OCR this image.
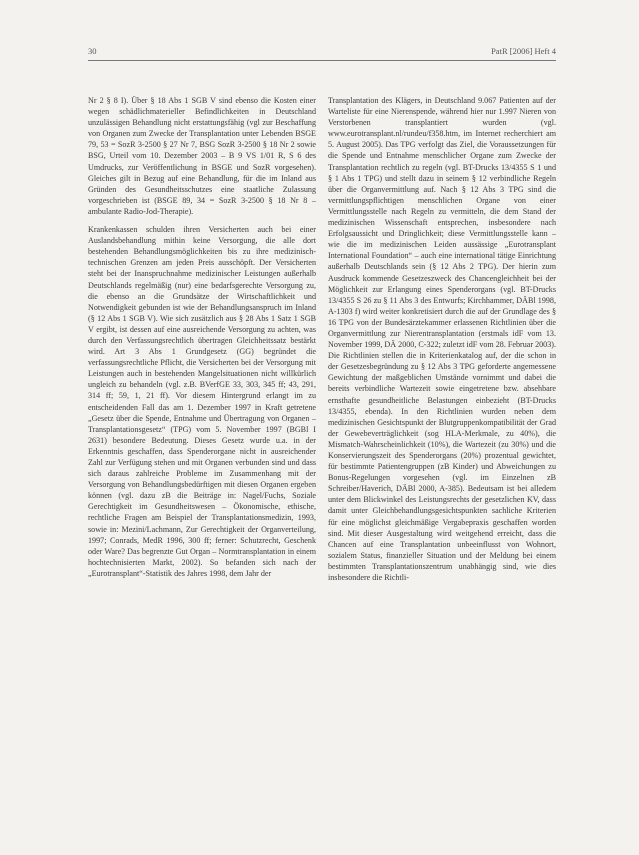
30	PatR [2006] Heft 4

Nr 2 § 8 I). Über § 18 Abs 1 SGB V sind ebenso die Kosten einer wegen schädlichmaterieller Befindlichkeiten in Deutschland unzulässigen Behandlung nicht erstattungsfähig (vgl zur Beschaffung von Organen zum Zwecke der Transplantation unter Lebenden BSGE 79, 53 = SozR 3-2500 § 27 Nr 7, BSG SozR 3-2500 § 18 Nr 2 sowie BSG, Urteil vom 10. Dezember 2003 – B 9 VS 1/01 R, S 6 des Umdrucks, zur Veröffentlichung in BSGE und SozR vorgesehen). Gleiches gilt in Bezug auf eine Behandlung, für die im Inland aus Gründen des Gesundheitsschutzes eine staatliche Zulassung vorgeschrieben ist (BSGE 89, 34 = SozR 3-2500 § 18 Nr 8 – ambulante Radio-Jod-Therapie).

Krankenkassen schulden ihren Versicherten auch bei einer Auslandsbehandlung mithin keine Versorgung, die alle dort bestehenden Behandlungsmöglichkeiten bis zu ihre medizinisch-technischen Grenzen am jeden Preis ausschöpft. Der Versicherten steht bei der Inanspruchnahme medizinischer Leistungen außerhalb Deutschlands regelmäßig (nur) eine bedarfsgerechte Versorgung zu, die ebenso an die Grundsätze der Wirtschaftlichkeit und Notwendigkeit gebunden ist wie der Behandlungsanspruch im Inland (§ 12 Abs 1 SGB V). Wie sich zusätzlich aus § 28 Abs 1 Satz 1 SGB V ergibt, ist dessen auf eine ausreichende Versorgung zu achten, was durch den Verfassungsrechtlich übertragen Gleichheitssatz bestärkt wird. Art 3 Abs 1 Grundgesetz (GG) begründet die verfassungsrechtliche Pflicht, die Versicherten bei der Versorgung mit Leistungen auch in bestehenden Mangelsituationen nicht willkürlich ungleich zu behandeln (vgl. z.B. BVerfGE 33, 303, 345 ff; 43, 291, 314 ff; 59, 1, 21 ff). Vor diesem Hintergrund erlangt im zu entscheidenden Fall das am 1. Dezember 1997 in Kraft getretene „Gesetz über die Spende, Entnahme und Übertragung von Organen – Transplantationsgesetz“ (TPG) vom 5. November 1997 (BGBl I 2631) besondere Bedeutung. Dieses Gesetz wurde u.a. in der Erkenntnis geschaffen, dass Spenderorgane nicht in ausreichender Zahl zur Verfügung stehen und mit Organen verbunden sind und dass sich daraus zahlreiche Probleme im Zusammenhang mit der Versorgung von Behandlungsbedürftigen mit diesen Organen ergeben können (vgl. dazu zB die Beiträge in: Nagel/Fuchs, Soziale Gerechtigkeit im Gesundheitswesen – Ökonomische, ethische, rechtliche Fragen am Beispiel der Transplantationsmedizin, 1993, sowie in: Mezini/Lachmann, Zur Gerechtigkeit der Organverteilung, 1997; Conrads, MedR 1996, 300 ff; ferner: Schutzrecht, Geschenk oder Ware? Das begrenzte Gut Organ – Normtransplantation in einem hochtechnisierten Markt, 2002). So befanden sich nach der „Eurotransplant“-Statistik des Jahres 1998, dem Jahr der

Transplantation des Klägers, in Deutschland 9.067 Patienten auf der Warteliste für eine Nierenspende, während hier nur 1.997 Nieren von Verstorbenen transplantiert wurden (vgl. www.eurotransplant.nl/rundeu/f358.htm, im Internet recherchiert am 5. August 2005). Das TPG verfolgt das Ziel, die Voraussetzungen für die Spende und Entnahme menschlicher Organe zum Zwecke der Transplantation rechtlich zu regeln (vgl. BT-Drucks 13/4355 S 1 und § 1 Abs 1 TPG) und stellt dazu in seinem § 12 verbindliche Regeln über die Organvermittlung auf. Nach § 12 Abs 3 TPG sind die vermittlungspflichtigen menschlichen Organe von einer Vermittlungsstelle nach Regeln zu vermitteln, die dem Stand der medizinischen Wissenschaft entsprechen, insbesondere nach Erfolgsaussicht und Dringlichkeit; diese Vermittlungsstelle kann – wie die im medizinischen Leiden aussässige „Eurotransplant International Foundation“ – auch eine international tätige Einrichtung außerhalb Deutschlands sein (§ 12 Abs 2 TPG). Der hierin zum Ausdruck kommende Gesetzeszweck des Chancengleichheit bei der Möglichkeit zur Erlangung eines Spenderorgans (vgl. BT-Drucks 13/4355 S 26 zu § 11 Abs 3 des Entwurfs; Kirchhammer, DÄBl 1998, A-1303 f) wird weiter konkretisiert durch die auf der Grundlage des § 16 TPG von der Bundesärztekammer erlassenen Richtlinien über die Organvermittlung zur Nierentransplantation (erstmals idF vom 13. November 1999, DÄ 2000, C-322; zuletzt idF vom 28. Februar 2003). Die Richtlinien stellen die in Kriterienkatalog auf, der die schon in der Gesetzesbegründung zu § 12 Abs 3 TPG geforderte angemessene Gewichtung der maßgeblichen Umstände vornimmt und dabei die bereits verbindliche Wartezeit sowie eingetretene bzw. absehbare ernsthafte gesundheitliche Belastungen einbezieht (BT-Drucks 13/4355, ebenda). In den Richtlinien wurden neben dem medizinischen Gesichtspunkt der Blutgruppenkompatibilität der Grad der Gewebeverträglichkeit (sog HLA-Merkmale, zu 40%), die Mismatch-Wahrscheinlichkeit (10%), die Wartezeit (zu 30%) und die Konservierungszeit des Spenderorgans (20%) prozentual gewichtet, für bestimmte Patientengruppen (zB Kinder) und Abweichungen zu Bonus-Regelungen vorgesehen (vgl. im Einzelnen zB Schreiber/Haverich, DÄBl 2000, A-385). Bedeutsam ist bei alledem unter dem Blickwinkel des Leistungsrechts der gesetzlichen KV, dass damit unter Gleichbehandlungsgesichtspunkten sachliche Kriterien für eine möglichst gleichmäßige Vergabepraxis geschaffen worden sind. Mit dieser Ausgestaltung wird weitgehend erreicht, dass die Chancen auf eine Transplantation unbeeinflusst von Wohnort, sozialem Status, finanzieller Situation und der Meldung bei einem bestimmten Transplantationszentrum unabhängig sind, wie dies insbesondere die Richtli-
